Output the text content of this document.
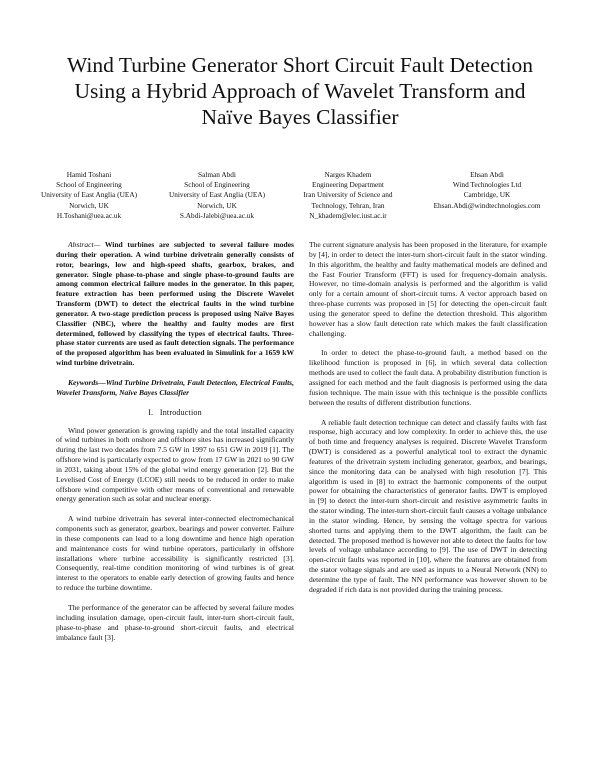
Wind Turbine Generator Short Circuit Fault Detection
Using a Hybrid Approach of Wavelet Transform and
Naïve Bayes Classifier
Hamid Toshani
School of Engineering
University of East Anglia (UEA)
Norwich, UK
H.Toshani@uea.ac.uk
Salman Abdi
School of Engineering
University of East Anglia (UEA)
Norwich, UK
S.Abdi-Jalebi@uea.ac.uk
Narges Khadem
Engineering Department
Iran University of Science and
Technology, Tehran, Iran
N_khadem@elec.iust.ac.ir
Ehsan Abdi
Wind Technologies Ltd
Cambridge, UK
Ehsan.Abdi@windtechnologies.com

Abstract— Wind turbines are subjected to several failure modes during their operation. A wind turbine drivetrain generally consists of rotor, bearings, low and high-speed shafts, gearbox, brakes, and generator. Single phase-to-phase and single phase-to-ground faults are among common electrical failure modes in the generator. In this paper, feature extraction has been performed using the Discrete Wavelet Transform (DWT) to detect the electrical faults in the wind turbine generator. A two-stage prediction process is proposed using Naïve Bayes Classifier (NBC), where the healthy and faulty modes are first determined, followed by classifying the types of electrical faults. Three-phase stator currents are used as fault detection signals. The performance of the proposed algorithm has been evaluated in Simulink for a 1659 kW wind turbine drivetrain.

Keywords—Wind Turbine Drivetrain, Fault Detection, Electrical Faults, Wavelet Transform, Naïve Bayes Classifier

I. Introduction

Wind power generation is growing rapidly and the total installed capacity of wind turbines in both onshore and offshore sites has increased significantly during the last two decades from 7.5 GW in 1997 to 651 GW in 2019 [1]. The offshore wind is particularly expected to grow from 17 GW in 2021 to 90 GW in 2031, taking about 15% of the global wind energy generation [2]. But the Levelised Cost of Energy (LCOE) still needs to be reduced in order to make offshore wind competitive with other means of conventional and renewable energy generation such as solar and nuclear energy.

A wind turbine drivetrain has several inter-connected electromechanical components such as generator, gearbox, bearings and power converter. Failure in these components can lead to a long downtime and hence high operation and maintenance costs for wind turbine operators, particularly in offshore installations where turbine accessibility is significantly restricted [3]. Consequently, real-time condition monitoring of wind turbines is of great interest to the operators to enable early detection of growing faults and hence to reduce the turbine downtime.

The performance of the generator can be affected by several failure modes including insulation damage, open-circuit fault, inter-turn short-circuit fault, phase-to-phase and phase-to-ground short-circuit faults, and electrical imbalance fault [3].

The current signature analysis has been proposed in the literature, for example by [4], in order to detect the inter-turn short-circuit fault in the stator winding. In this algorithm, the healthy and faulty mathematical models are defined and the Fast Fourier Transform (FFT) is used for frequency-domain analysis. However, no time-domain analysis is performed and the algorithm is valid only for a certain amount of short-circuit turns. A vector approach based on three-phase currents was proposed in [5] for detecting the open-circuit fault using the generator speed to define the detection threshold. This algorithm however has a slow fault detection rate which makes the fault classification challenging.

In order to detect the phase-to-ground fault, a method based on the likelihood function is proposed in [6], in which several data collection methods are used to collect the fault data. A probability distribution function is assigned for each method and the fault diagnosis is performed using the data fusion technique. The main issue with this technique is the possible conflicts between the results of different distribution functions.

A reliable fault detection technique can detect and classify faults with fast response, high accuracy and low complexity. In order to achieve this, the use of both time and frequency analyses is required. Discrete Wavelet Transform (DWT) is considered as a powerful analytical tool to extract the dynamic features of the drivetrain system including generator, gearbox, and bearings, since the monitoring data can be analysed with high resolution [7]. This algorithm is used in [8] to extract the harmonic components of the output power for obtaining the characteristics of generator faults. DWT is employed in [9] to detect the inter-turn short-circuit and resistive asymmetric faults in the stator winding. The inter-turn short-circuit fault causes a voltage unbalance in the stator winding. Hence, by sensing the voltage spectra for various shorted turns and applying them to the DWT algorithm, the fault can be detected. The proposed method is however not able to detect the faults for low levels of voltage unbalance according to [9]. The use of DWT in detecting open-circuit faults was reported in [10], where the features are obtained from the stator voltage signals and are used as inputs to a Neural Network (NN) to determine the type of fault. The NN performance was however shown to be degraded if rich data is not provided during the training process.
